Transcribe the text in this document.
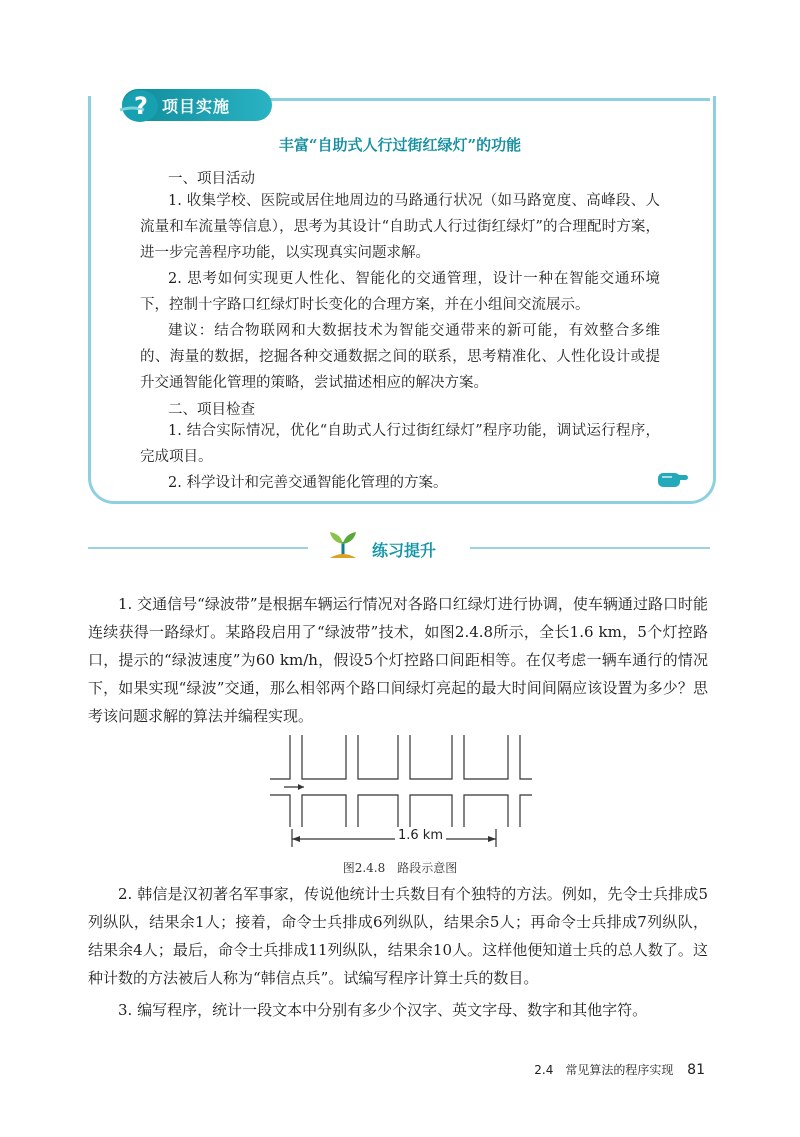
项目实施
?
丰富“自助式人行过街红绿灯”的功能
一、项目活动
1. 收集学校、医院或居住地周边的马路通行状况（如马路宽度、高峰段、人流量和车流量等信息），思考为其设计“自助式人行过街红绿灯”的合理配时方案，进一步完善程序功能，以实现真实问题求解。
2. 思考如何实现更人性化、智能化的交通管理，设计一种在智能交通环境下，控制十字路口红绿灯时长变化的合理方案，并在小组间交流展示。
建议：结合物联网和大数据技术为智能交通带来的新可能，有效整合多维的、海量的数据，挖掘各种交通数据之间的联系，思考精准化、人性化设计或提升交通智能化管理的策略，尝试描述相应的解决方案。
二、项目检查
1. 结合实际情况，优化“自助式人行过街红绿灯”程序功能，调试运行程序，完成项目。
2. 科学设计和完善交通智能化管理的方案。
练习提升
1. 交通信号“绿波带”是根据车辆运行情况对各路口红绿灯进行协调，使车辆通过路口时能连续获得一路绿灯。某路段启用了“绿波带”技术，如图2.4.8所示，全长1.6 km，5个灯控路口，提示的“绿波速度”为60 km/h，假设5个灯控路口间距相等。在仅考虑一辆车通行的情况下，如果实现“绿波”交通，那么相邻两个路口间绿灯亮起的最大时间间隔应该设置为多少？思考该问题求解的算法并编程实现。
1.6 km
图2.4.8　路段示意图
2. 韩信是汉初著名军事家，传说他统计士兵数目有个独特的方法。例如，先令士兵排成5列纵队，结果余1人；接着，命令士兵排成6列纵队，结果余5人；再命令士兵排成7列纵队，结果余4人；最后，命令士兵排成11列纵队，结果余10人。这样他便知道士兵的总人数了。这种计数的方法被后人称为“韩信点兵”。试编写程序计算士兵的数目。
3. 编写程序，统计一段文本中分别有多少个汉字、英文字母、数字和其他字符。
2.4　常见算法的程序实现 81
